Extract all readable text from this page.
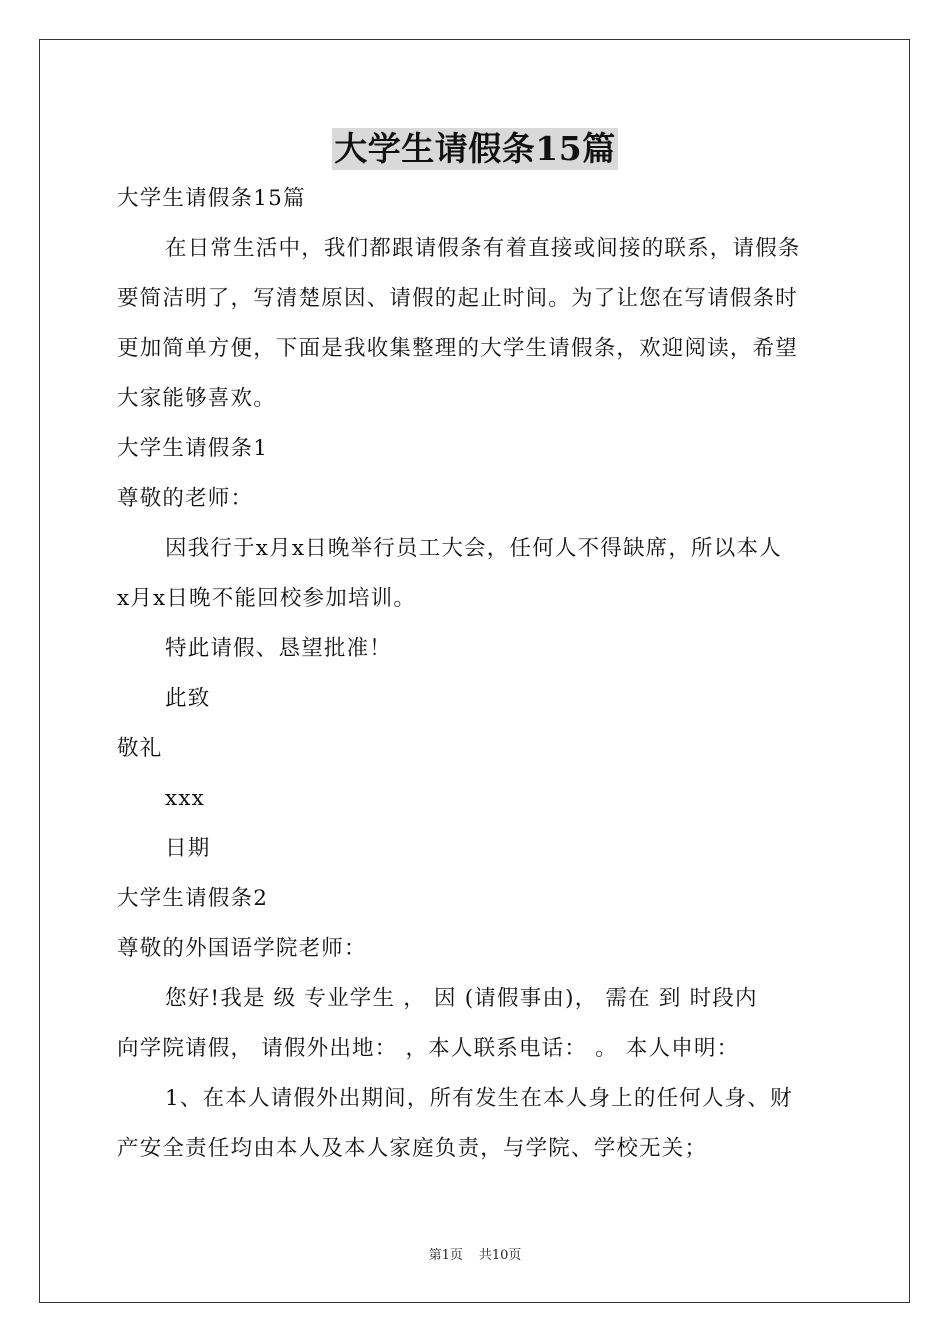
大学生请假条15篇
大学生请假条15篇
在日常生活中，我们都跟请假条有着直接或间接的联系，请假条
要简洁明了，写清楚原因、请假的起止时间。为了让您在写请假条时
更加简单方便，下面是我收集整理的大学生请假条，欢迎阅读，希望
大家能够喜欢。
大学生请假条1
尊敬的老师：
因我行于x月x日晚举行员工大会，任何人不得缺席，所以本人
x月x日晚不能回校参加培训。
特此请假、恳望批准！
此致
敬礼
xxx
日期
大学生请假条2
尊敬的外国语学院老师：
您好!我是 级 专业学生 ， 因 (请假事由)， 需在 到 时段内
向学院请假， 请假外出地： ，本人联系电话： 。 本人申明：
1、在本人请假外出期间，所有发生在本人身上的任何人身、财
产安全责任均由本人及本人家庭负责，与学院、学校无关；
第1页 共10页
